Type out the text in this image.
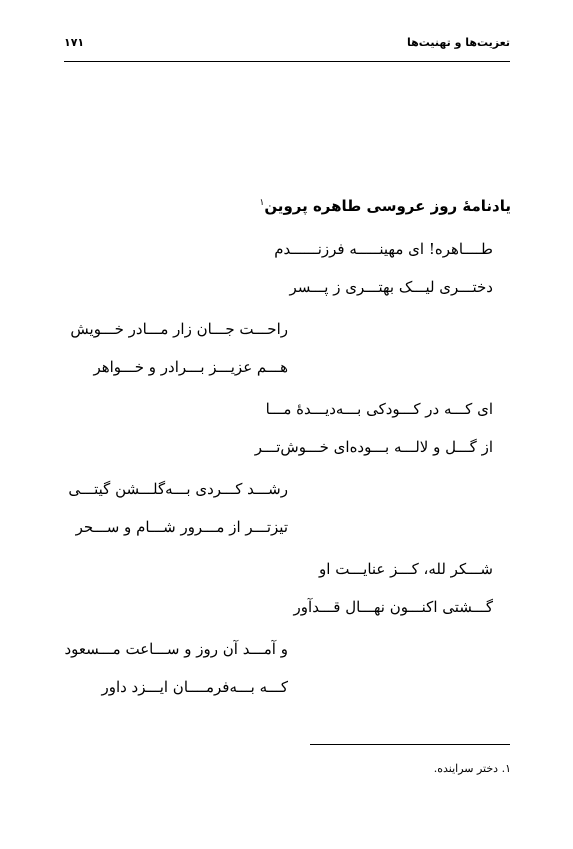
۱۷۱	تعزیت‌ها و تهنیت‌ها
یادنامهٔ روز عروسی طاهره پروین$^۱$
طــــاهره! ای مهینـــــه فرزنــــــدم
دختـــری لیـــک بهتـــری ز پـــسر
راحـــت جـــان زار مـــادر خـــویش
هـــم عزیـــز بـــرادر و خـــواهر
ای کـــه در کـــودکی بـــه‌دیـــدهٔ مـــا
از گـــل و لالـــه بـــوده‌ای خـــوش‌تـــر
رشـــد کـــردی بـــه‌گلـــشن گیتـــی
تیزتـــر از مـــرور شـــام و ســـحر
شـــکر لله، کـــز عنایـــت او
گـــشتی اکنـــون نهـــال قـــدآور
و آمـــد آن روز و ســـاعت مـــسعود
کـــه بـــه‌فرمــــان ایـــزد داور
۱. دختر سراینده.
